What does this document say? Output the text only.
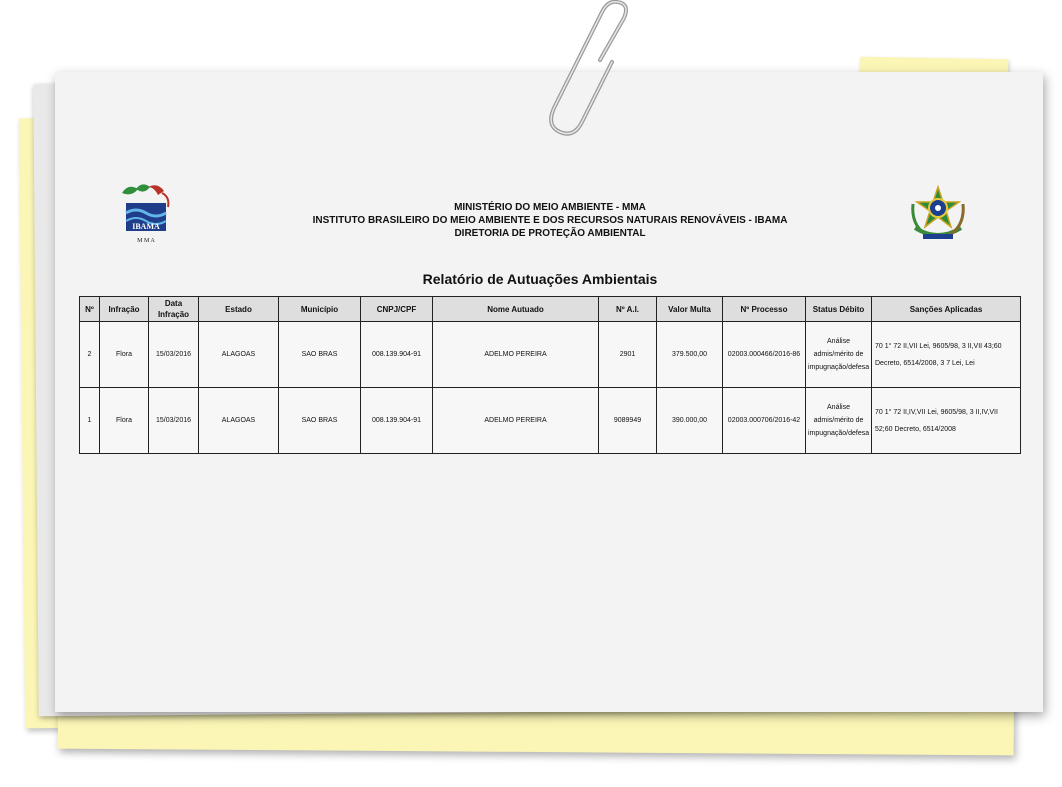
IBAMA
M M A
MINISTÉRIO DO MEIO AMBIENTE - MMA
INSTITUTO BRASILEIRO DO MEIO AMBIENTE E DOS RECURSOS NATURAIS RENOVÁVEIS - IBAMA
DIRETORIA DE PROTEÇÃO AMBIENTAL
Relatório de Autuações Ambientais
Nº	Infração	Data Infração	Estado	Município	CNPJ/CPF	Nome Autuado	Nº A.I.	Valor Multa	Nº Processo	Status Débito	Sanções Aplicadas
2	Flora	15/03/2016	ALAGOAS	SAO BRAS	008.139.904-91	ADELMO PEREIRA	2901	379.500,00	02003.000466/2016-86	Análise admis/mérito de impugnação/defesa	70 1° 72 II,VII Lei, 9605/98, 3 II,VII 43;60
Decreto, 6514/2008, 3 7 Lei, Lei

1	Flora	15/03/2016	ALAGOAS	SAO BRAS	008.139.904-91	ADELMO PEREIRA	9089949	390.000,00	02003.000706/2016-42	Análise admis/mérito de impugnação/defesa	70 1° 72 II,IV,VII Lei, 9605/98, 3 II,IV,VII
52;60 Decreto, 6514/2008
